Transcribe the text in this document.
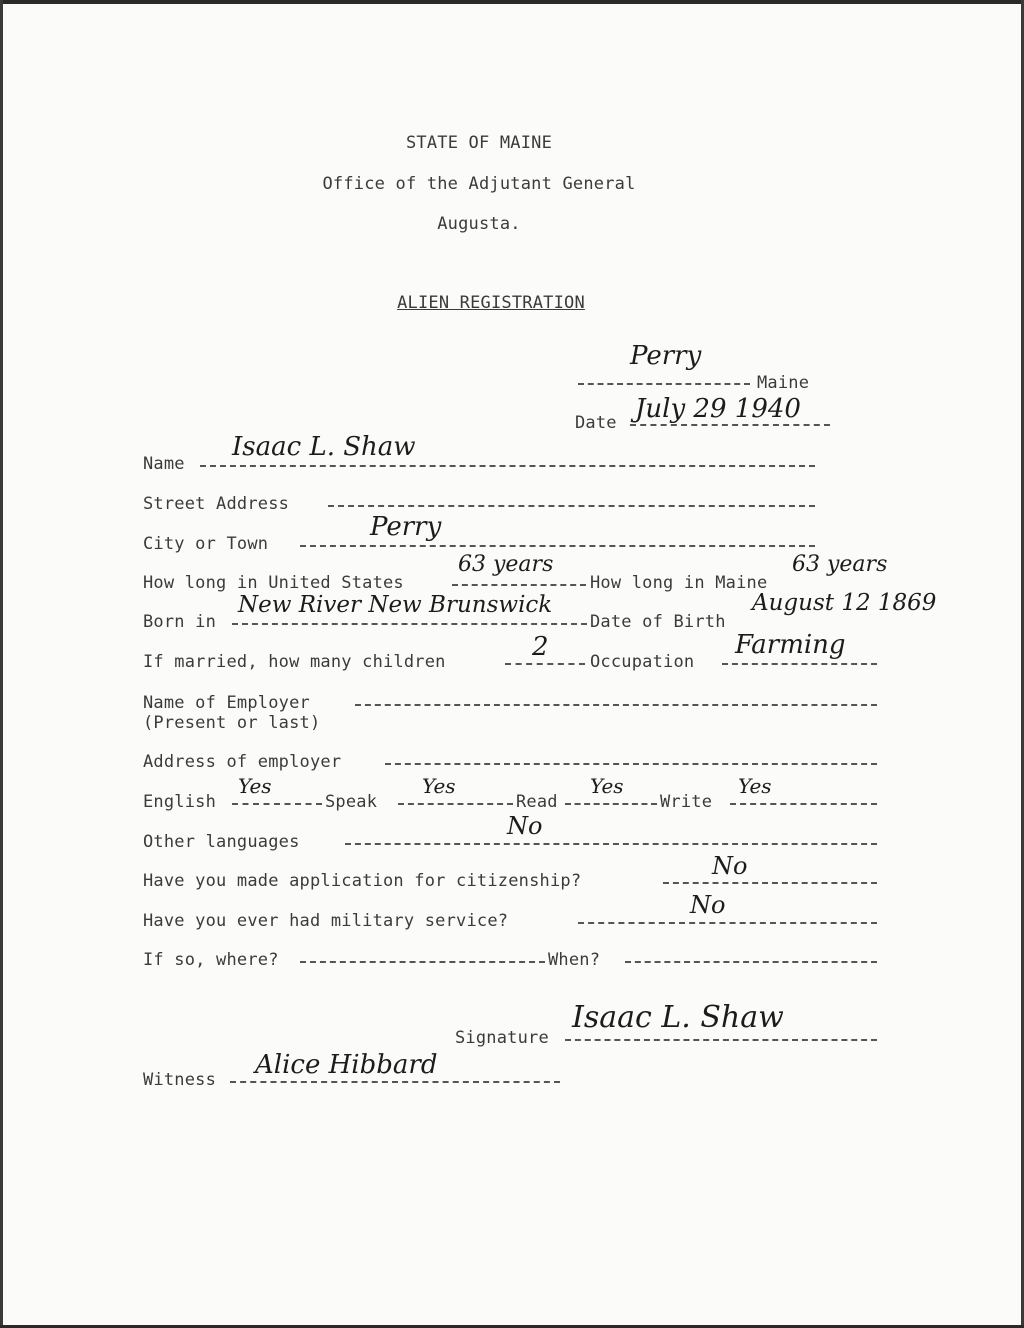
STATE OF MAINE
Office of the Adjutant General
Augusta.
ALIEN REGISTRATION
Perry
Maine
Date July 29 1940
Name
Isaac L. Shaw
Street Address
City or Town
Perry
How long in United States
63 years
How long in Maine
63 years
Born in
New River New Brunswick
Date of Birth
August 12 1869
If married, how many children	2 Occupation
Farming
Name of Employer
(Present or last)
Address of employer
English
Yes
Speak
Yes
Read
Yes
Write
Yes
Other languages
No
Have you made application for citizenship?
No
Have you ever had military service?
No
If so, where?	When?
Signature
Isaac L. Shaw
Witness Alice Hibbard
